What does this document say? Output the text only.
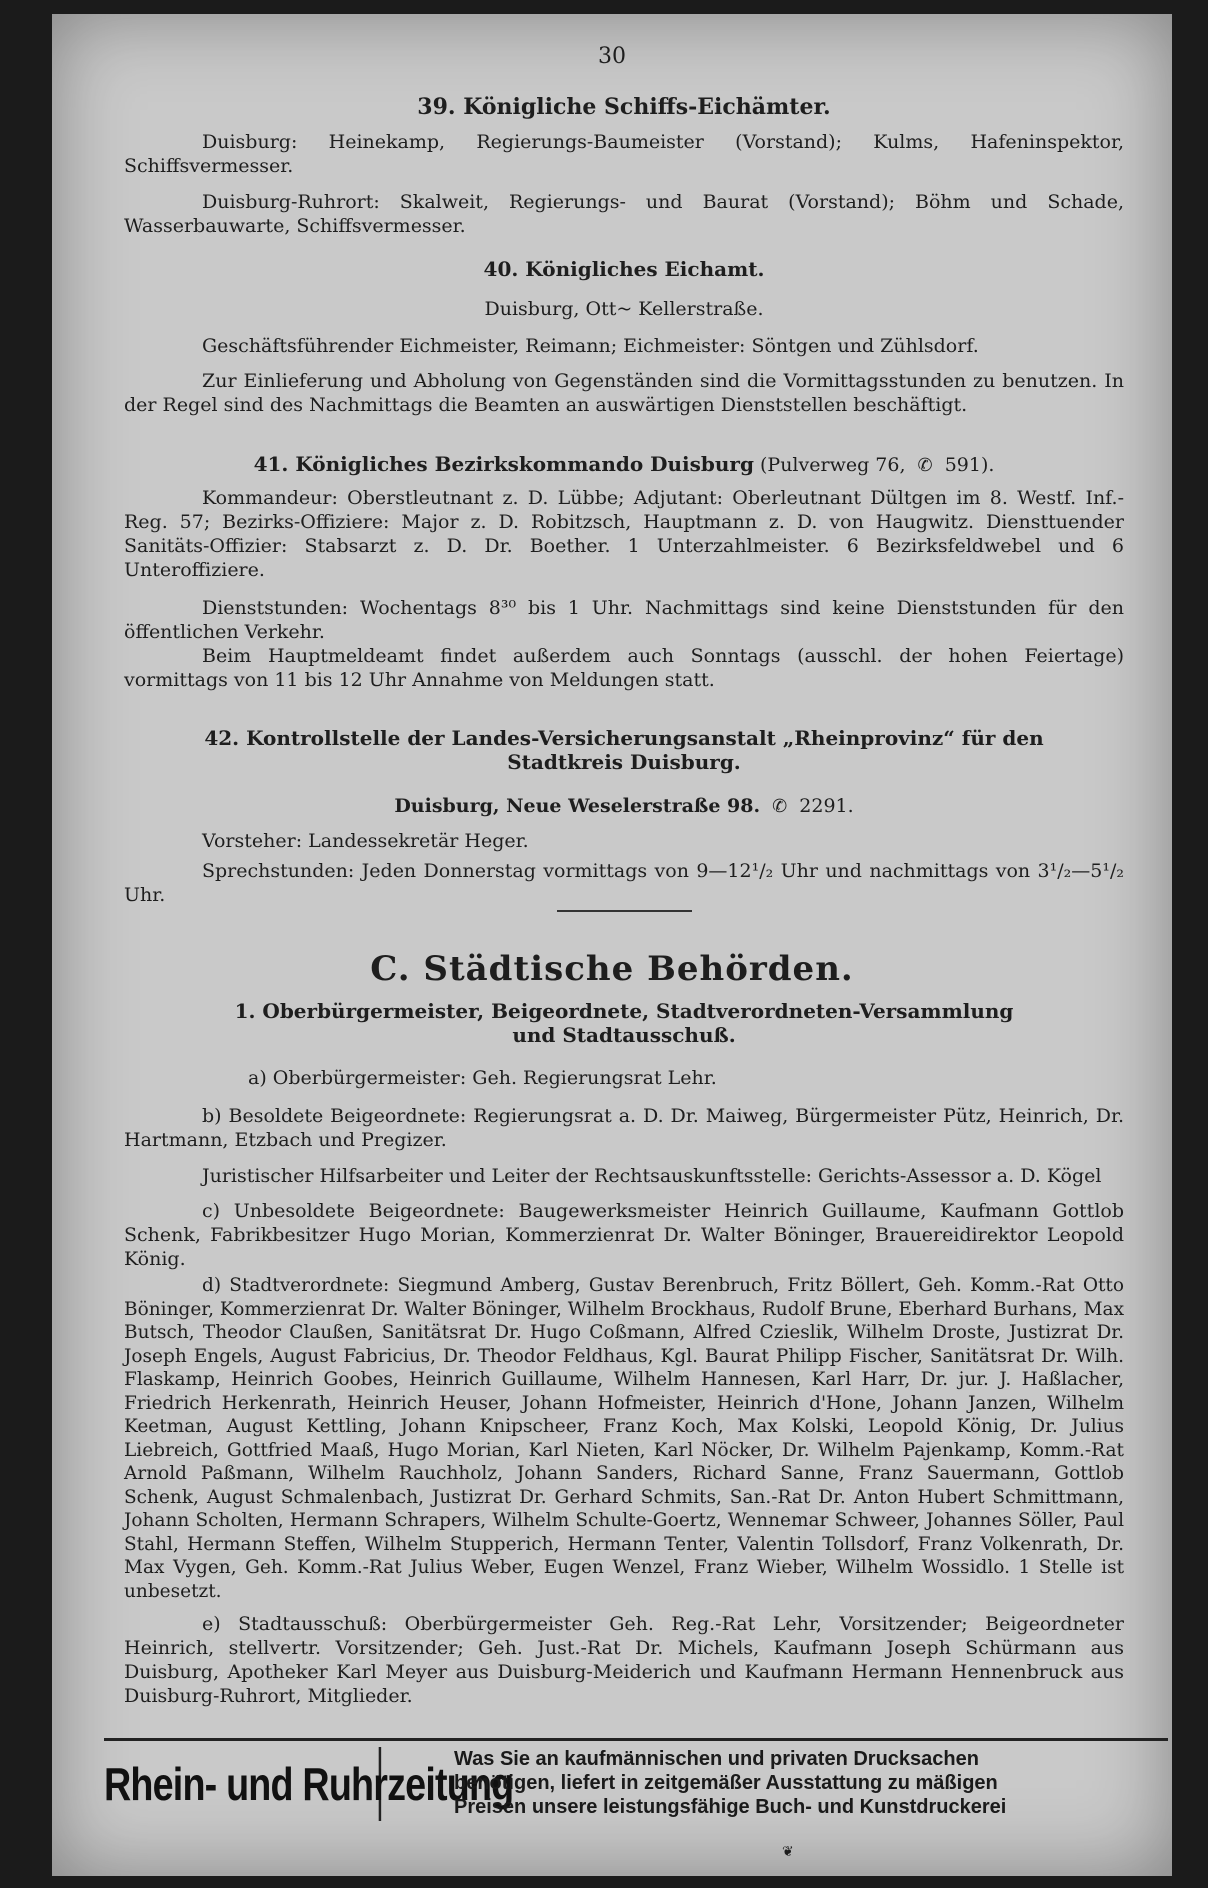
30

39. Königliche Schiffs-Eichämter.

Duisburg: Heinekamp, Regierungs-Baumeister (Vorstand); Kulms, Hafeninspektor, Schiffsvermesser.

Duisburg-Ruhrort: Skalweit, Regierungs- und Baurat (Vorstand); Böhm und Schade, Wasserbauwarte, Schiffsvermesser.

40. Königliches Eichamt.

Duisburg, Ott~ Kellerstraße.

Geschäftsführender Eichmeister, Reimann; Eichmeister: Söntgen und Zühlsdorf.

Zur Einlieferung und Abholung von Gegenständen sind die Vormittagsstunden zu benutzen. In der Regel sind des Nachmittags die Beamten an auswärtigen Dienststellen beschäftigt.

41. Königliches Bezirkskommando Duisburg (Pulverweg 76, ✆ 591).

Kommandeur: Oberstleutnant z. D. Lübbe; Adjutant: Oberleutnant Dültgen im 8. Westf. Inf.-Reg. 57; Bezirks-Offiziere: Major z. D. Robitzsch, Hauptmann z. D. von Haugwitz. Diensttuender Sanitäts-Offizier: Stabsarzt z. D. Dr. Boether. 1 Unterzahlmeister. 6 Bezirksfeldwebel und 6 Unteroffiziere.

Dienststunden: Wochentags 8³⁰ bis 1 Uhr. Nachmittags sind keine Dienststunden für den öffentlichen Verkehr.

Beim Hauptmeldeamt findet außerdem auch Sonntags (ausschl. der hohen Feiertage) vormittags von 11 bis 12 Uhr Annahme von Meldungen statt.

42. Kontrollstelle der Landes-Versicherungsanstalt „Rheinprovinz“ für den

Stadtkreis Duisburg.

Duisburg, Neue Weselerstraße 98. ✆ 2291.

Vorsteher: Landessekretär Heger.

Sprechstunden: Jeden Donnerstag vormittags von 9—12¹/₂ Uhr und nachmittags von 3¹/₂—5¹/₂ Uhr.

C. Städtische Behörden.

1. Oberbürgermeister, Beigeordnete, Stadtverordneten-Versammlung

und Stadtausschuß.

a) Oberbürgermeister: Geh. Regierungsrat Lehr.

b) Besoldete Beigeordnete: Regierungsrat a. D. Dr. Maiweg, Bürgermeister Pütz, Heinrich, Dr. Hartmann, Etzbach und Pregizer.

Juristischer Hilfsarbeiter und Leiter der Rechtsauskunftsstelle: Gerichts-Assessor a. D. Kögel

c) Unbesoldete Beigeordnete: Baugewerksmeister Heinrich Guillaume, Kaufmann Gottlob Schenk, Fabrikbesitzer Hugo Morian, Kommerzienrat Dr. Walter Böninger, Brauereidirektor Leopold König.

d) Stadtverordnete: Siegmund Amberg, Gustav Berenbruch, Fritz Böllert, Geh. Komm.-Rat Otto Böninger, Kommerzienrat Dr. Walter Böninger, Wilhelm Brockhaus, Rudolf Brune, Eberhard Burhans, Max Butsch, Theodor Claußen, Sanitätsrat Dr. Hugo Coßmann, Alfred Czieslik, Wilhelm Droste, Justizrat Dr. Joseph Engels, August Fabricius, Dr. Theodor Feldhaus, Kgl. Baurat Philipp Fischer, Sanitätsrat Dr. Wilh. Flaskamp, Heinrich Goobes, Heinrich Guillaume, Wilhelm Hannesen, Karl Harr, Dr. jur. J. Haßlacher, Friedrich Herkenrath, Heinrich Heuser, Johann Hofmeister, Heinrich d'Hone, Johann Janzen, Wilhelm Keetman, August Kettling, Johann Knipscheer, Franz Koch, Max Kolski, Leopold König, Dr. Julius Liebreich, Gottfried Maaß, Hugo Morian, Karl Nieten, Karl Nöcker, Dr. Wilhelm Pajenkamp, Komm.-Rat Arnold Paßmann, Wilhelm Rauchholz, Johann Sanders, Richard Sanne, Franz Sauermann, Gottlob Schenk, August Schmalenbach, Justizrat Dr. Gerhard Schmits, San.-Rat Dr. Anton Hubert Schmittmann, Johann Scholten, Hermann Schrapers, Wilhelm Schulte-Goertz, Wennemar Schweer, Johannes Söller, Paul Stahl, Hermann Steffen, Wilhelm Stupperich, Hermann Tenter, Valentin Tollsdorf, Franz Volkenrath, Dr. Max Vygen, Geh. Komm.-Rat Julius Weber, Eugen Wenzel, Franz Wieber, Wilhelm Wossidlo. 1 Stelle ist unbesetzt.

e) Stadtausschuß: Oberbürgermeister Geh. Reg.-Rat Lehr, Vorsitzender; Beigeordneter Heinrich, stellvertr. Vorsitzender; Geh. Just.-Rat Dr. Michels, Kaufmann Joseph Schürmann aus Duisburg, Apotheker Karl Meyer aus Duisburg-Meiderich und Kaufmann Hermann Hennenbruck aus Duisburg-Ruhrort, Mitglieder.

Rhein- und Ruhrzeitung
Was Sie an kaufmännischen und privaten Drucksachen
benötigen, liefert in zeitgemäßer Ausstattung zu mäßigen
Preisen unsere leistungsfähige Buch- und Kunstdruckerei
❦
